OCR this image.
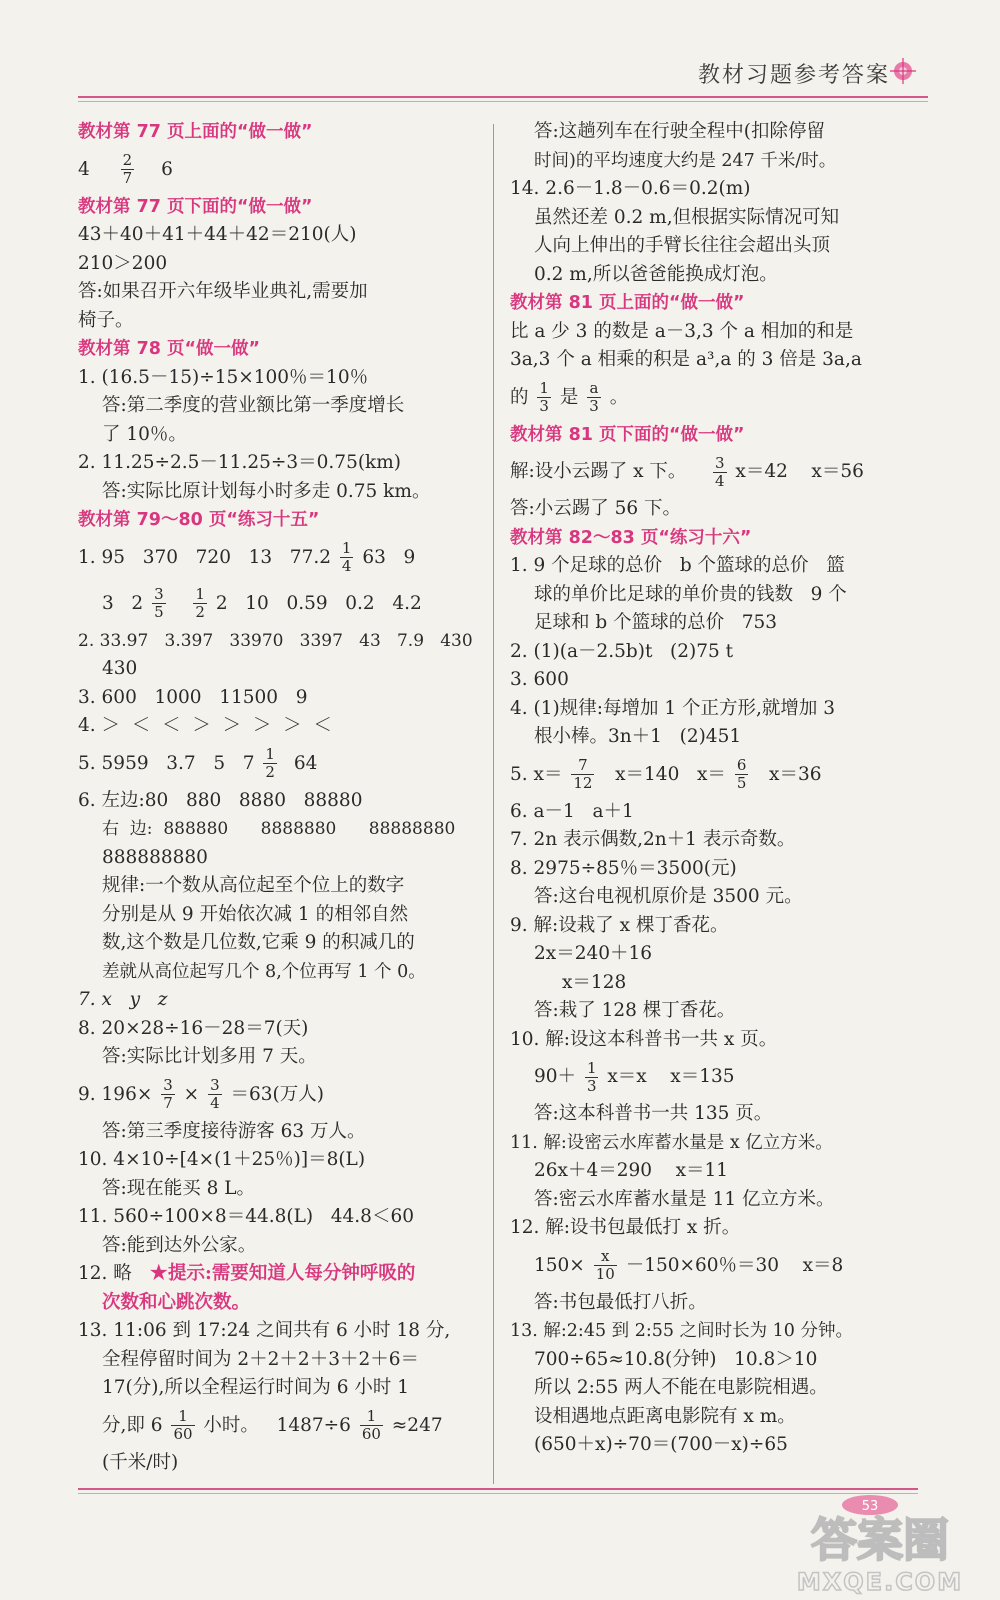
教材习题参考答案
教材第 77 页上面的“做一做”
$4 \frac{2}{7} 6$
教材第 77 页下面的“做一做”
43＋40＋41＋44＋42＝210(人)
210＞200
答:如果召开六年级毕业典礼,需要加
椅子。
教材第 78 页“做一做”
1. (16.5－15)÷15×100％＝10％
答:第二季度的营业额比第一季度增长
了 10％。
2. 11.25÷2.5－11.25÷3＝0.75(km)
答:实际比原计划每小时多走 0.75 km。
教材第 79～80 页“练习十五”
1. 95   370   720   13   $77.2 \frac{1}{4} 63$   9
3   $2 \frac{3}{5}$
$\frac{1}{2} 2$   10   0.59   0.2   4.2
2. 33.97   3.397   33970   3397   43   7.9   430
430
3. 600   1000   11500   9
4. ＞  ＜  ＜  ＞  ＞  ＞  ＞  ＜
5. 5959   3.7   5   $7 \frac{1}{2} 64$
6. 左边:80   880   8880   88880
右  边:  888880      8888880      88888880
888888880
规律:一个数从高位起至个位上的数字
分别是从 9 开始依次减 1 的相邻自然
数,这个数是几位数,它乘 9 的积减几的
差就从高位起写几个 8,个位再写 1 个 0。
7. x   y   z
8. 20×28÷16－28＝7(天)
答:实际比计划多用 7 天。
9. $196\times \frac{3}{7} \times \frac{3}{4} =63$(万人)
答:第三季度接待游客 63 万人。
10. 4×10÷[4×(1＋25％)]＝8(L)
答:现在能买 8 L。
11. 560÷100×8＝44.8(L)   44.8＜60
答:能到达外公家。
12. 略   ★提示:需要知道人每分钟呼吸的
次数和心跳次数。
13. 11:06 到 17:24 之间共有 6 小时 18 分,
全程停留时间为 2＋2＋2＋3＋2＋6＝
17(分),所以全程运行时间为 6 小时 1
分,即 $6 \frac{1}{60}$ 小时。   $1487\div 6 \frac{1}{60} \approx 247$
(千米/时)
答:这趟列车在行驶全程中(扣除停留
时间)的平均速度大约是 247 千米/时。
14. 2.6－1.8－0.6＝0.2(m)
虽然还差 0.2 m,但根据实际情况可知
人向上伸出的手臂长往往会超出头顶
0.2 m,所以爸爸能换成灯泡。
教材第 81 页上面的“做一做”
比 a 少 3 的数是 a－3,3 个 a 相加的和是
3a,3 个 a 相乘的积是 a³,a 的 3 倍是 3a,a
的 $\frac{1}{3}$ 是 $\frac{a}{3}$ 。
教材第 81 页下面的“做一做”
解:设小云踢了 x 下。 $\frac{3}{4} x=42$    x＝56
答:小云踢了 56 下。
教材第 82～83 页“练习十六”
1. 9 个足球的总价   b 个篮球的总价   篮
球的单价比足球的单价贵的钱数   9 个
足球和 b 个篮球的总价   753
2. (1)(a－2.5b)t   (2)75 t
3. 600
4. (1)规律:每增加 1 个正方形,就增加 3
根小棒。3n＋1   (2)451
5. $x= \frac{7}{12} x=140$   $x= \frac{6}{5} x=36$
6. a－1   a＋1
7. 2n 表示偶数,2n＋1 表示奇数。
8. 2975÷85％＝3500(元)
答:这台电视机原价是 3500 元。
9. 解:设栽了 x 棵丁香花。
2x＝240＋16
x＝128
答:栽了 128 棵丁香花。
10. 解:设这本科普书一共 x 页。
$90+ \frac{1}{3} x=x$    x＝135
答:这本科普书一共 135 页。
11. 解:设密云水库蓄水量是 x 亿立方米。
26x＋4＝290    x＝11
答:密云水库蓄水量是 11 亿立方米。
12. 解:设书包最低打 x 折。
$150\times \frac{x}{10} -150\times 60$％＝30    x＝8
答:书包最低打八折。
13. 解:2:45 到 2:55 之间时长为 10 分钟。
700÷65≈10.8(分钟)   10.8＞10
所以 2:55 两人不能在电影院相遇。
设相遇地点距离电影院有 x m。
(650＋x)÷70＝(700－x)÷65
53
答案圈
MXQE.COM
